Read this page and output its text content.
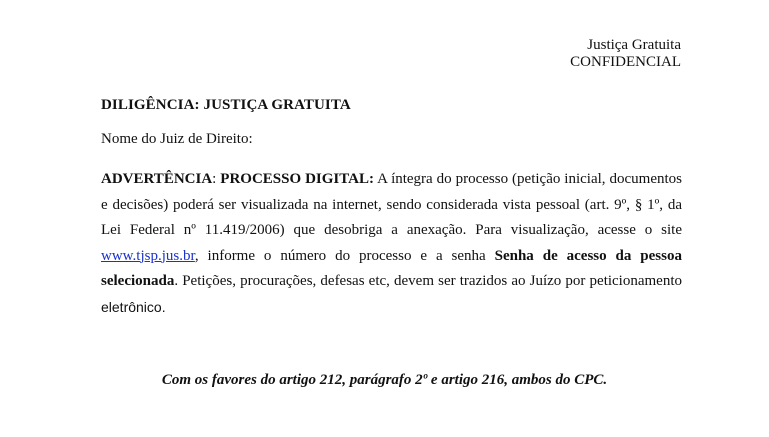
Justiça Gratuita
CONFIDENCIAL
DILIGÊNCIA: JUSTIÇA GRATUITA
Nome do Juiz de Direito:
ADVERTÊNCIA: PROCESSO DIGITAL: A íntegra do processo (petição inicial, documentos e decisões) poderá ser visualizada na internet, sendo considerada vista pessoal (art. 9º, § 1º, da Lei Federal nº 11.419/2006) que desobriga a anexação. Para visualização, acesse o site www.tjsp.jus.br, informe o número do processo e a senha Senha de acesso da pessoa selecionada. Petições, procurações, defesas etc, devem ser trazidos ao Juízo por peticionamento eletrônico.
Com os favores do artigo 212, parágrafo 2º e artigo 216, ambos do CPC.
